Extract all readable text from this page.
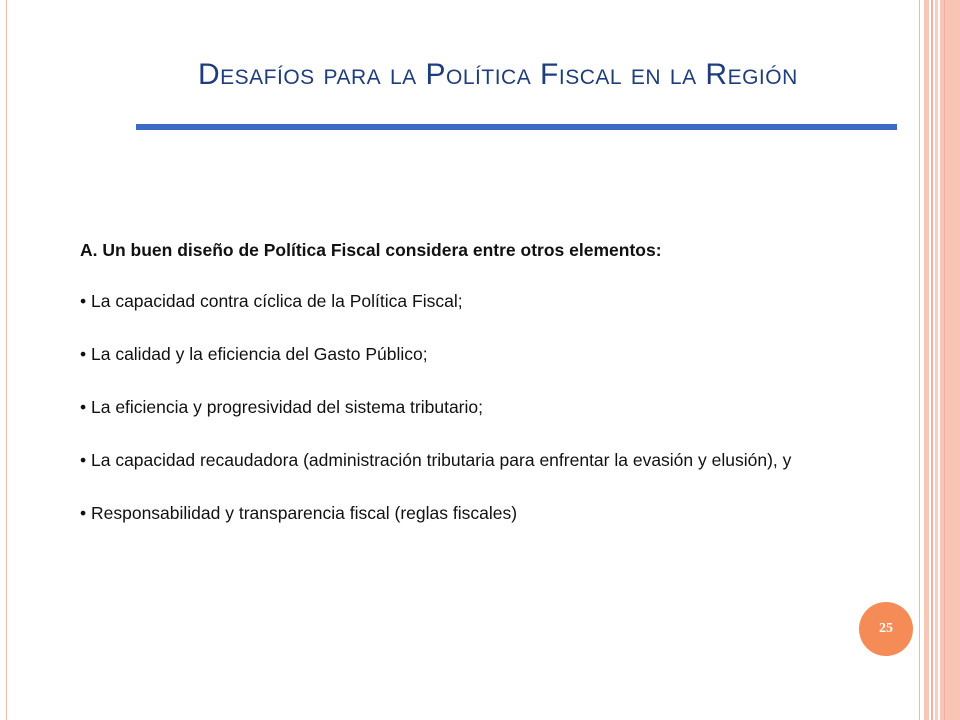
Desafíos para la Política Fiscal en la Región

A. Un buen diseño de Política Fiscal considera entre otros elementos:

• La capacidad contra cíclica de la Política Fiscal;

• La calidad y la eficiencia del Gasto Público;

• La eficiencia y progresividad del sistema tributario;

• La capacidad recaudadora (administración tributaria para enfrentar la evasión y elusión), y

• Responsabilidad y transparencia fiscal (reglas fiscales)

25
